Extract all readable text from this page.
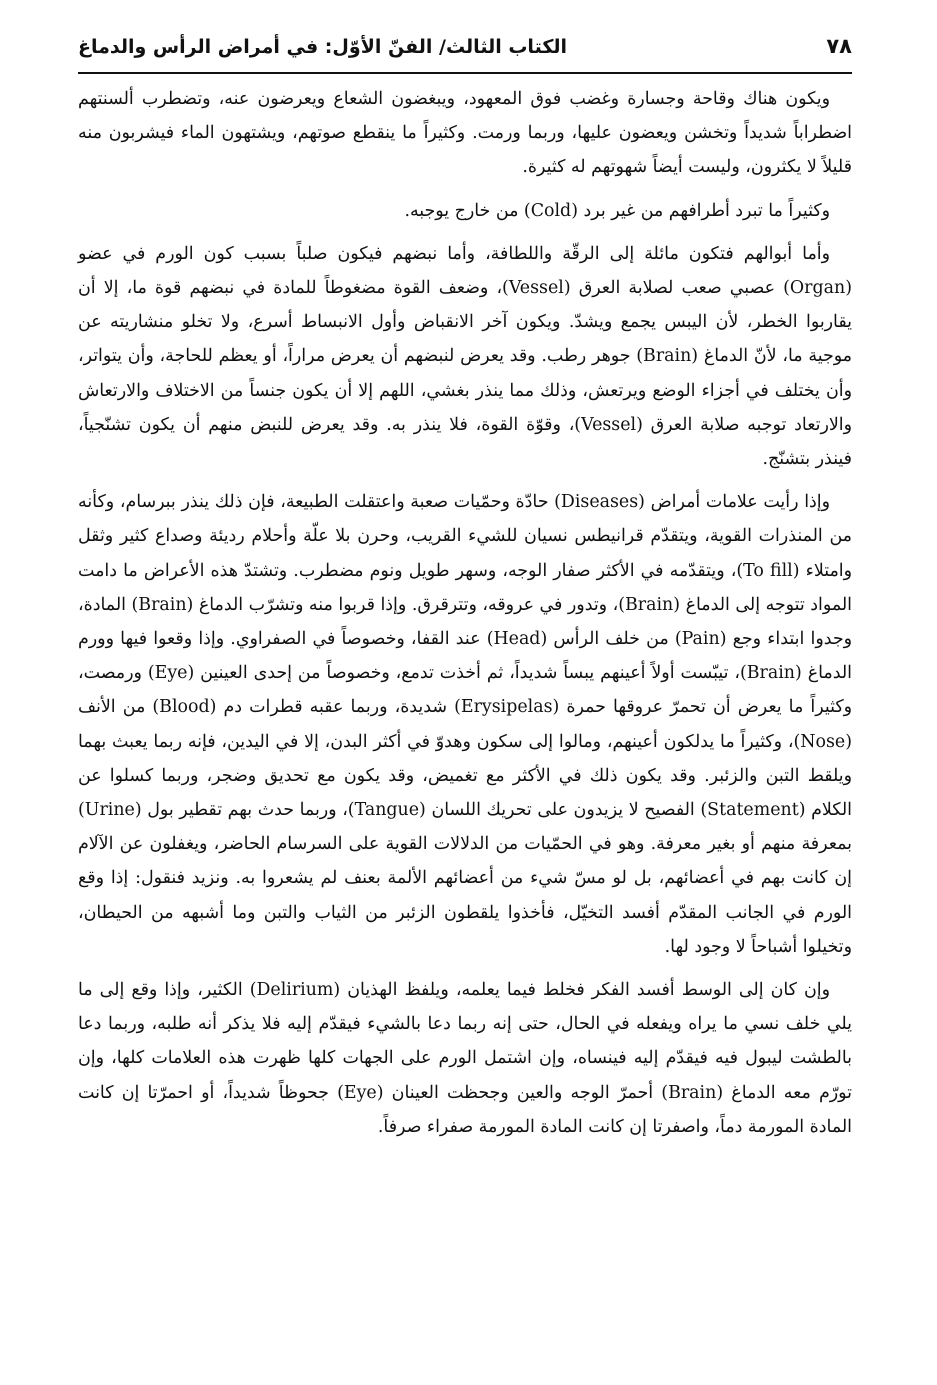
٧٨
الكتاب الثالث/ الفنّ الأوّل: في أمراض الرأس والدماغ

ويكون هناك وقاحة وجسارة وغضب فوق المعهود، ويبغضون الشعاع ويعرضون عنه، وتضطرب ألسنتهم اضطراباً شديداً وتخشن ويعضون عليها، وربما ورمت. وكثيراً ما ينقطع صوتهم، ويشتهون الماء فيشربون منه قليلاً لا يكثرون، وليست أيضاً شهوتهم له كثيرة.

وكثيراً ما تبرد أطرافهم من غير برد (Cold) من خارج يوجبه.

وأما أبوالهم فتكون مائلة إلى الرقّة واللطافة، وأما نبضهم فيكون صلباً بسبب كون الورم في عضو (Organ) عصبي صعب لصلابة العرق (Vessel)، وضعف القوة مضغوطاً للمادة في نبضهم قوة ما، إلا أن يقاربوا الخطر، لأن اليبس يجمع ويشدّ. ويكون آخر الانقباض وأول الانبساط أسرع، ولا تخلو منشاريته عن موجية ما، لأنّ الدماغ (Brain) جوهر رطب. وقد يعرض لنبضهم أن يعرض مراراً، أو يعظم للحاجة، وأن يتواتر، وأن يختلف في أجزاء الوضع ويرتعش، وذلك مما ينذر بغشي، اللهم إلا أن يكون جنساً من الاختلاف والارتعاش والارتعاد توجبه صلابة العرق (Vessel)، وقوّة القوة، فلا ينذر به. وقد يعرض للنبض منهم أن يكون تشنّجياً، فينذر بتشنّج.

وإذا رأيت علامات أمراض (Diseases) حادّة وحمّيات صعبة واعتقلت الطبيعة، فإن ذلك ينذر ببرسام، وكأنه من المنذرات القوية، ويتقدّم قرانيطس نسيان للشيء القريب، وحرن بلا علّة وأحلام رديئة وصداع كثير وثقل وامتلاء (To fill)، ويتقدّمه في الأكثر صفار الوجه، وسهر طويل ونوم مضطرب. وتشتدّ هذه الأعراض ما دامت المواد تتوجه إلى الدماغ (Brain)، وتدور في عروقه، وتترقرق. وإذا قربوا منه وتشرّب الدماغ (Brain) المادة، وجدوا ابتداء وجع (Pain) من خلف الرأس (Head) عند القفا، وخصوصاً في الصفراوي. وإذا وقعوا فيها وورم الدماغ (Brain)، تيبّست أولاً أعينهم يبساً شديداً، ثم أخذت تدمع، وخصوصاً من إحدى العينين (Eye) ورمصت، وكثيراً ما يعرض أن تحمرّ عروقها حمرة (Erysipelas) شديدة، وربما عقبه قطرات دم (Blood) من الأنف (Nose)، وكثيراً ما يدلكون أعينهم، ومالوا إلى سكون وهدوّ في أكثر البدن، إلا في اليدين، فإنه ربما يعبث بهما ويلقط التبن والزئبر. وقد يكون ذلك في الأكثر مع تغميض، وقد يكون مع تحديق وضجر، وربما كسلوا عن الكلام (Statement) الفصيح لا يزيدون على تحريك اللسان (Tangue)، وربما حدث بهم تقطير بول (Urine) بمعرفة منهم أو بغير معرفة. وهو في الحمّيات من الدلالات القوية على السرسام الحاضر، ويغفلون عن الآلام إن كانت بهم في أعضائهم، بل لو مسّ شيء من أعضائهم الألمة بعنف لم يشعروا به. ونزيد فنقول: إذا وقع الورم في الجانب المقدّم أفسد التخيّل، فأخذوا يلقطون الزئبر من الثياب والتبن وما أشبهه من الحيطان، وتخيلوا أشباحاً لا وجود لها.

وإن كان إلى الوسط أفسد الفكر فخلط فيما يعلمه، ويلفظ الهذيان (Delirium) الكثير، وإذا وقع إلى ما يلي خلف نسي ما يراه ويفعله في الحال، حتى إنه ربما دعا بالشيء فيقدّم إليه فلا يذكر أنه طلبه، وربما دعا بالطشت ليبول فيه فيقدّم إليه فينساه، وإن اشتمل الورم على الجهات كلها ظهرت هذه العلامات كلها، وإن تورّم معه الدماغ (Brain) أحمرّ الوجه والعين وجحظت العينان (Eye) جحوظاً شديداً، أو احمرّتا إن كانت المادة المورمة دماً، واصفرتا إن كانت المادة المورمة صفراء صرفاً.
